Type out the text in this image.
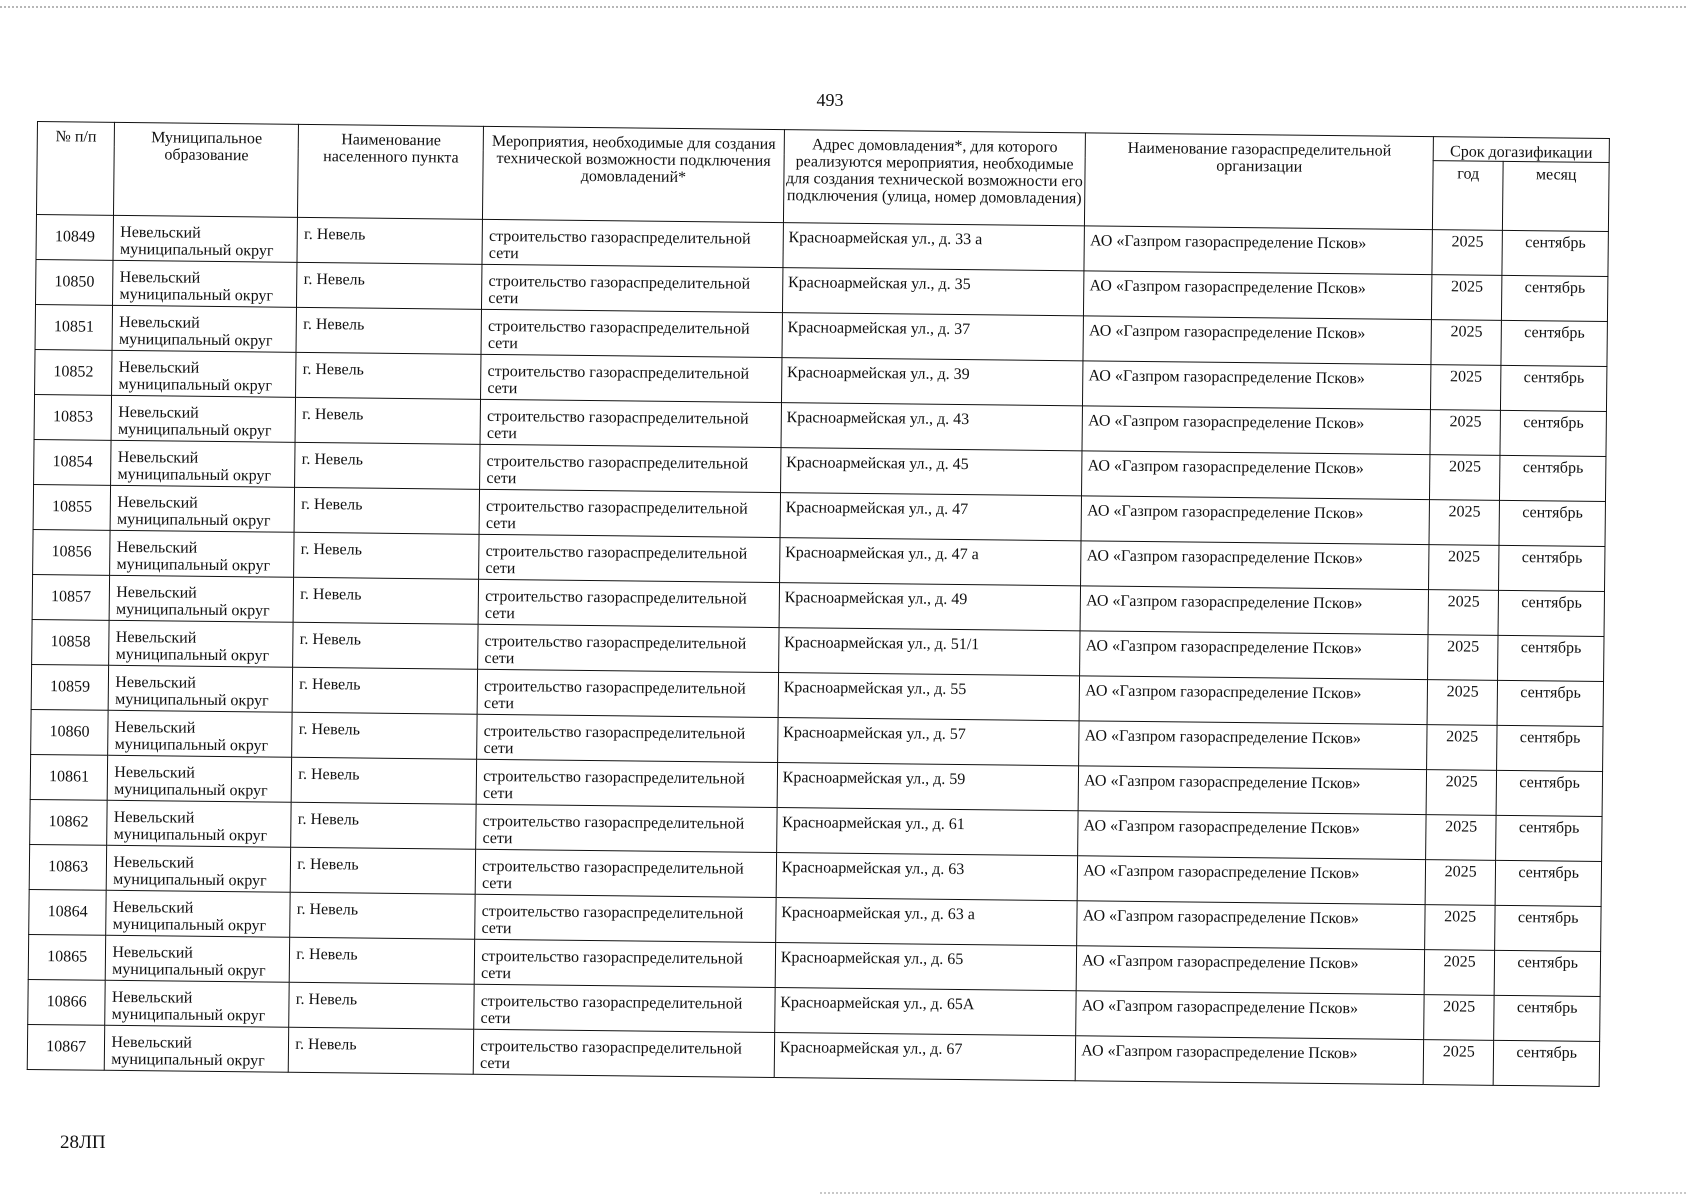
493
№ п/п	Муниципальное образование	Наименование населенного пункта	Мероприятия, необходимые для создания технической возможности подключения домовладений*	Адрес домовладения*, для которого реализуются мероприятия, необходимые для создания технической возможности его подключения (улица, номер домовладения)	Наименование газораспределительной организации	Срок догазификации	
						год	месяц
10849	Невельский муниципальный округ	г. Невель	строительство газораспределительной сети	Красноармейская ул., д. 33 а	АО «Газпром газораспределение Псков»	2025	сентябрь
10850	Невельский муниципальный округ	г. Невель	строительство газораспределительной сети	Красноармейская ул., д. 35	АО «Газпром газораспределение Псков»	2025	сентябрь
10851	Невельский муниципальный округ	г. Невель	строительство газораспределительной сети	Красноармейская ул., д. 37	АО «Газпром газораспределение Псков»	2025	сентябрь
10852	Невельский муниципальный округ	г. Невель	строительство газораспределительной сети	Красноармейская ул., д. 39	АО «Газпром газораспределение Псков»	2025	сентябрь
10853	Невельский муниципальный округ	г. Невель	строительство газораспределительной сети	Красноармейская ул., д. 43	АО «Газпром газораспределение Псков»	2025	сентябрь
10854	Невельский муниципальный округ	г. Невель	строительство газораспределительной сети	Красноармейская ул., д. 45	АО «Газпром газораспределение Псков»	2025	сентябрь
10855	Невельский муниципальный округ	г. Невель	строительство газораспределительной сети	Красноармейская ул., д. 47	АО «Газпром газораспределение Псков»	2025	сентябрь
10856	Невельский муниципальный округ	г. Невель	строительство газораспределительной сети	Красноармейская ул., д. 47 а	АО «Газпром газораспределение Псков»	2025	сентябрь
10857	Невельский муниципальный округ	г. Невель	строительство газораспределительной сети	Красноармейская ул., д. 49	АО «Газпром газораспределение Псков»	2025	сентябрь
10858	Невельский муниципальный округ	г. Невель	строительство газораспределительной сети	Красноармейская ул., д. 51/1	АО «Газпром газораспределение Псков»	2025	сентябрь
10859	Невельский муниципальный округ	г. Невель	строительство газораспределительной сети	Красноармейская ул., д. 55	АО «Газпром газораспределение Псков»	2025	сентябрь
10860	Невельский муниципальный округ	г. Невель	строительство газораспределительной сети	Красноармейская ул., д. 57	АО «Газпром газораспределение Псков»	2025	сентябрь
10861	Невельский муниципальный округ	г. Невель	строительство газораспределительной сети	Красноармейская ул., д. 59	АО «Газпром газораспределение Псков»	2025	сентябрь
10862	Невельский муниципальный округ	г. Невель	строительство газораспределительной сети	Красноармейская ул., д. 61	АО «Газпром газораспределение Псков»	2025	сентябрь
10863	Невельский муниципальный округ	г. Невель	строительство газораспределительной сети	Красноармейская ул., д. 63	АО «Газпром газораспределение Псков»	2025	сентябрь
10864	Невельский муниципальный округ	г. Невель	строительство газораспределительной сети	Красноармейская ул., д. 63 а	АО «Газпром газораспределение Псков»	2025	сентябрь
10865	Невельский муниципальный округ	г. Невель	строительство газораспределительной сети	Красноармейская ул., д. 65	АО «Газпром газораспределение Псков»	2025	сентябрь
10866	Невельский муниципальный округ	г. Невель	строительство газораспределительной сети	Красноармейская ул., д. 65А	АО «Газпром газораспределение Псков»	2025	сентябрь
10867	Невельский муниципальный округ	г. Невель	строительство газораспределительной сети	Красноармейская ул., д. 67	АО «Газпром газораспределение Псков»	2025	сентябрь
28ЛП
